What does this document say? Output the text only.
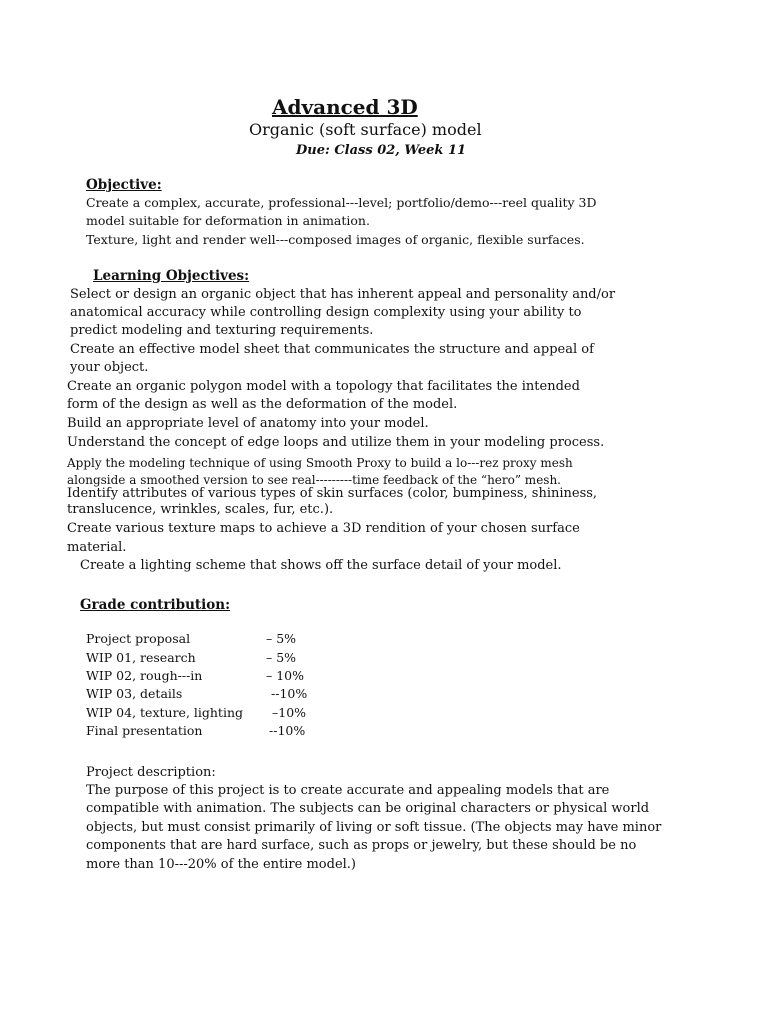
Advanced 3D
Organic (soft surface) model
Due: Class 02, Week 11
Objective:
Create a complex, accurate, professional---level; portfolio/demo---reel quality 3D
model suitable for deformation in animation.
Texture, light and render well---composed images of organic, flexible surfaces.
Learning Objectives:
Select or design an organic object that has inherent appeal and personality and/or
anatomical accuracy while controlling design complexity using your ability to
predict modeling and texturing requirements.
Create an effective model sheet that communicates the structure and appeal of
your object.
Create an organic polygon model with a topology that facilitates the intended
form of the design as well as the deformation of the model.
Build an appropriate level of anatomy into your model.
Understand the concept of edge loops and utilize them in your modeling process.
Apply the modeling technique of using Smooth Proxy to build a lo---rez proxy mesh
alongside a smoothed version to see real---------time feedback of the “hero” mesh.
Identify attributes of various types of skin surfaces (color, bumpiness, shininess,
translucence, wrinkles, scales, fur, etc.).
Create various texture maps to achieve a 3D rendition of your chosen surface
material.
Create a lighting scheme that shows off the surface detail of your model.
Grade contribution:
Project proposal	– 5%
WIP 01, research	– 5%
WIP 02, rough---in	– 10%
WIP 03, details	--10%
WIP 04, texture, lighting –10%
Final presentation	--10%
Project description:
The purpose of this project is to create accurate and appealing models that are
compatible with animation. The subjects can be original characters or physical world
objects, but must consist primarily of living or soft tissue. (The objects may have minor
components that are hard surface, such as props or jewelry, but these should be no
more than 10---20% of the entire model.)
